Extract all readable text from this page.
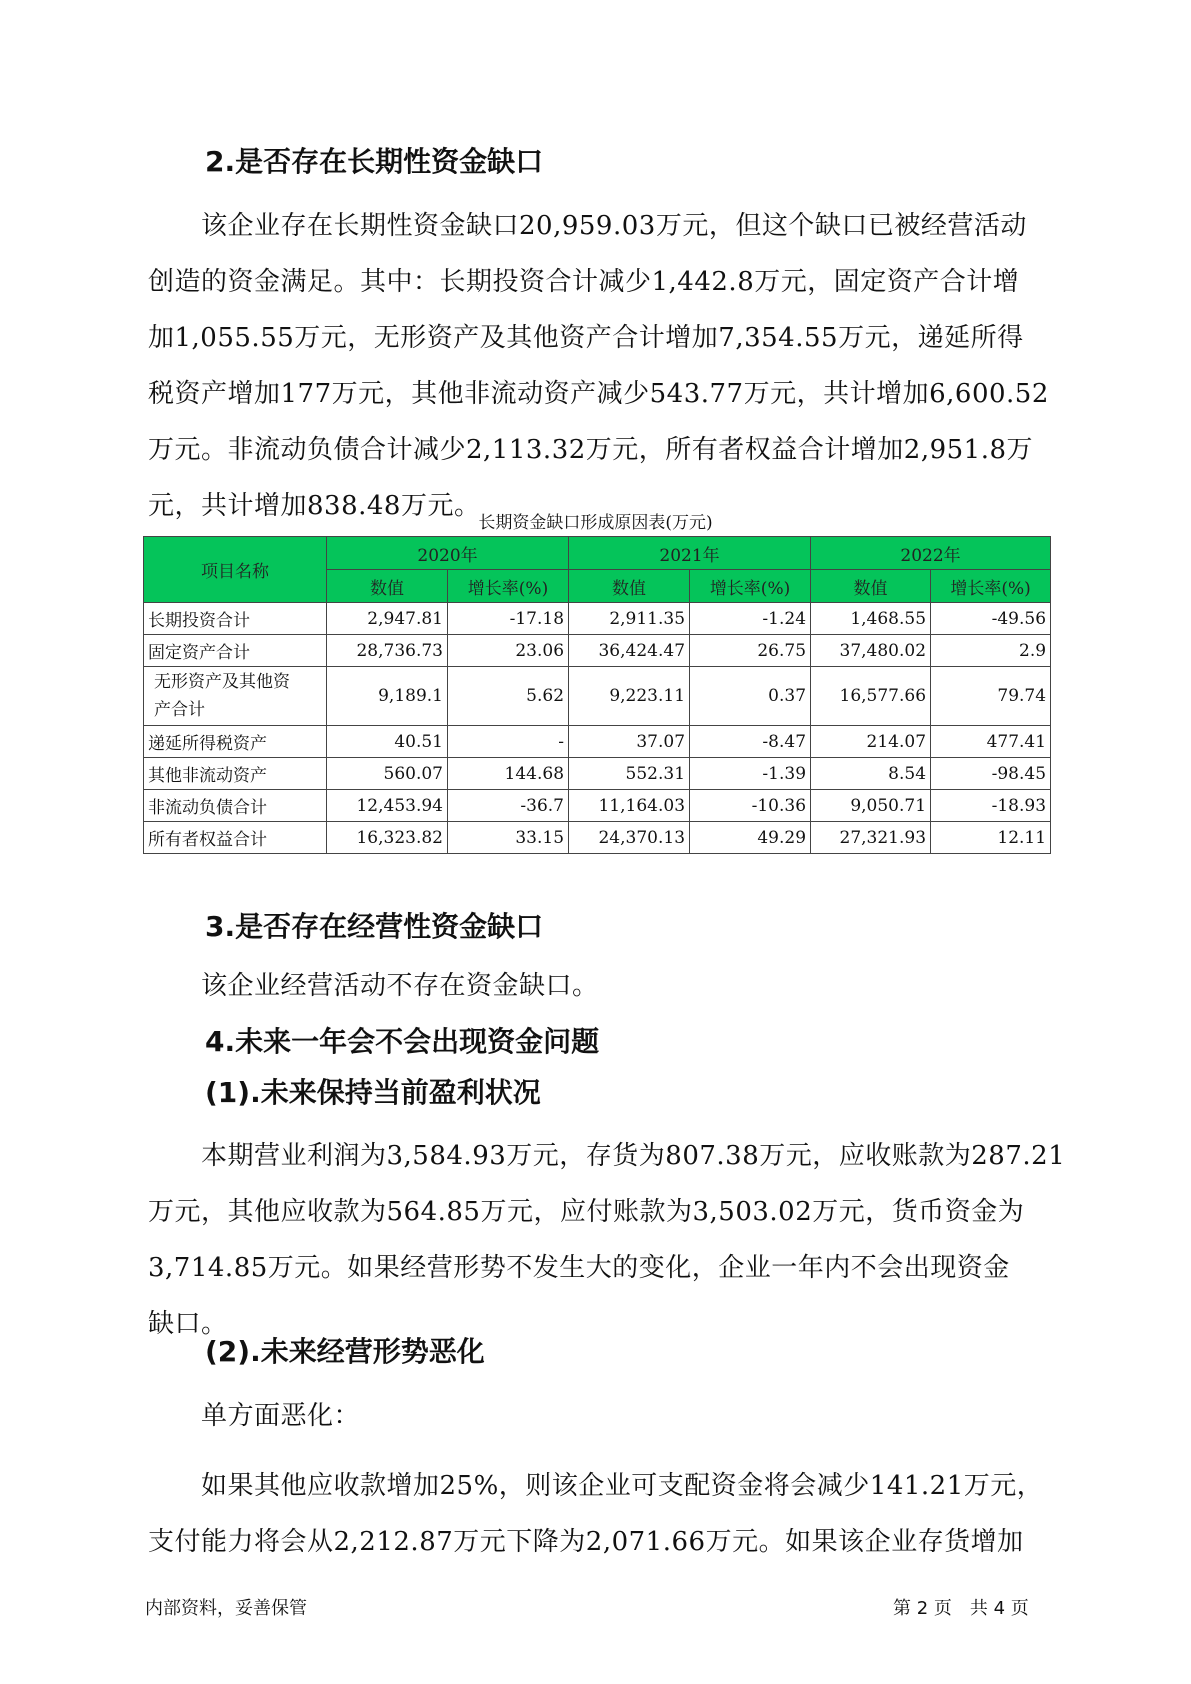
2.是否存在长期性资金缺口
　　该企业存在长期性资金缺口20,959.03万元，但这个缺口已被经营活动
创造的资金满足。其中：长期投资合计减少1,442.8万元，固定资产合计增
加1,055.55万元，无形资产及其他资产合计增加7,354.55万元，递延所得
税资产增加177万元，其他非流动资产减少543.77万元，共计增加6,600.52
万元。非流动负债合计减少2,113.32万元，所有者权益合计增加2,951.8万
元，共计增加838.48万元。
长期资金缺口形成原因表(万元)
项目名称	2020年		2021年		2022年	
	数值	增长率(%)	数值	增长率(%)	数值	增长率(%)
长期投资合计	2,947.81	-17.18	2,911.35	-1.24	1,468.55	-49.56
固定资产合计	28,736.73	23.06	36,424.47	26.75	37,480.02	2.9

无形资产及其他资
产合计	9,189.1	5.62	9,223.11	0.37	16,577.66	79.74
递延所得税资产	40.51	-	37.07	-8.47	214.07	477.41
其他非流动资产	560.07	144.68	552.31	-1.39	8.54	-98.45
非流动负债合计	12,453.94	-36.7	11,164.03	-10.36	9,050.71	-18.93
所有者权益合计	16,323.82	33.15	24,370.13	49.29	27,321.93	12.11
3.是否存在经营性资金缺口
　　该企业经营活动不存在资金缺口。
4.未来一年会不会出现资金问题
(1).未来保持当前盈利状况
　　本期营业利润为3,584.93万元，存货为807.38万元，应收账款为287.21
万元，其他应收款为564.85万元，应付账款为3,503.02万元，货币资金为
3,714.85万元。如果经营形势不发生大的变化，企业一年内不会出现资金
缺口。
(2).未来经营形势恶化
　　单方面恶化：
　　如果其他应收款增加25%，则该企业可支配资金将会减少141.21万元，
支付能力将会从2,212.87万元下降为2,071.66万元。如果该企业存货增加
内部资料，妥善保管	第 2 页　共 4 页
